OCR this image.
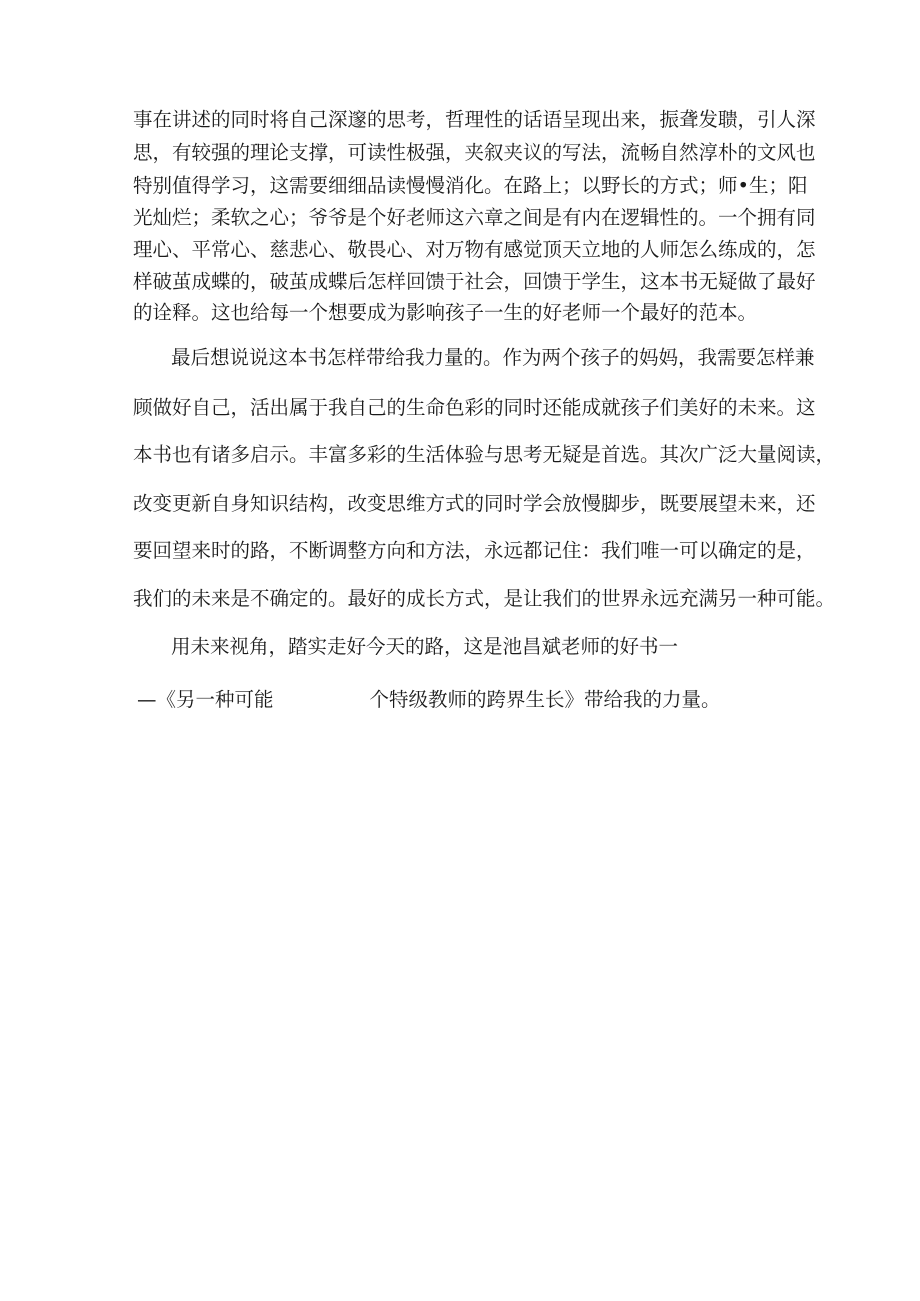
事在讲述的同时将自己深邃的思考，哲理性的话语呈现出来，振聋发聩，引人深
思，有较强的理论支撑，可读性极强，夹叙夹议的写法，流畅自然淳朴的文风也
特别值得学习，这需要细细品读慢慢消化。在路上；以野长的方式；师•生；阳
光灿烂；柔软之心；爷爷是个好老师这六章之间是有内在逻辑性的。一个拥有同
理心、平常心、慈悲心、敬畏心、对万物有感觉顶天立地的人师怎么练成的，怎
样破茧成蝶的，破茧成蝶后怎样回馈于社会，回馈于学生，这本书无疑做了最好
的诠释。这也给每一个想要成为影响孩子一生的好老师一个最好的范本。
最后想说说这本书怎样带给我力量的。作为两个孩子的妈妈，我需要怎样兼
顾做好自己，活出属于我自己的生命色彩的同时还能成就孩子们美好的未来。这
本书也有诸多启示。丰富多彩的生活体验与思考无疑是首选。其次广泛大量阅读，
改变更新自身知识结构，改变思维方式的同时学会放慢脚步，既要展望未来，还
要回望来时的路，不断调整方向和方法，永远都记住：我们唯一可以确定的是，
我们的未来是不确定的。最好的成长方式，是让我们的世界永远充满另一种可能。
用未来视角，踏实走好今天的路，这是池昌斌老师的好书一
—《另一种可能	个特级教师的跨界生长》带给我的力量。
